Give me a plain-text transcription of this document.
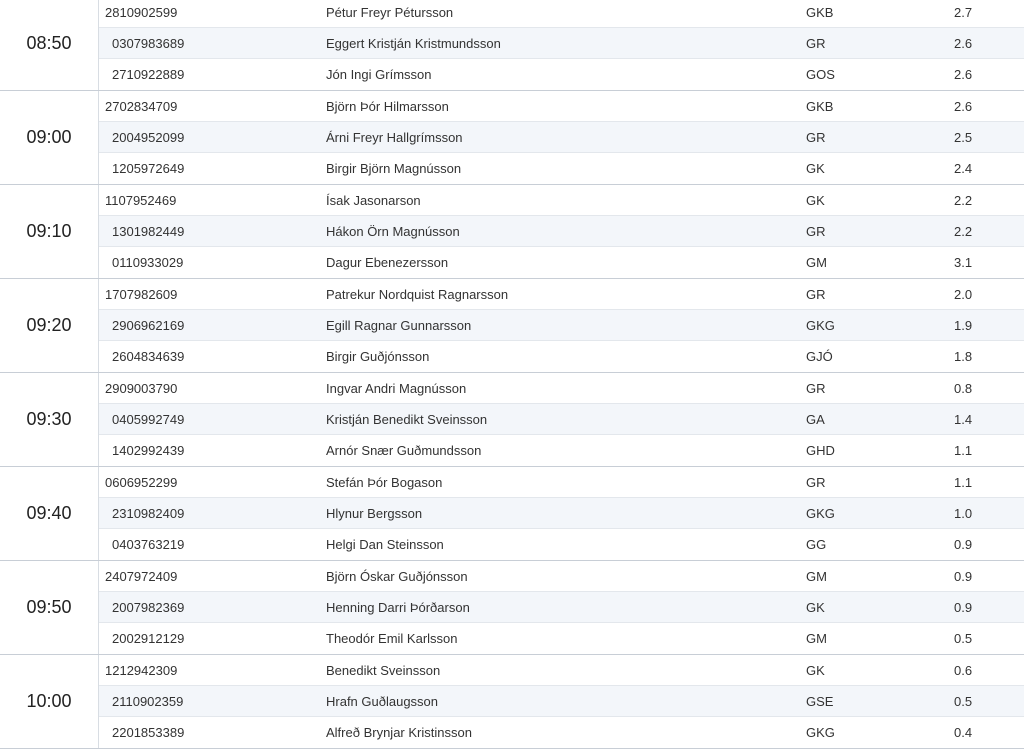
08:50
2810902599	Pétur Freyr Pétursson	GKB	2.7
0307983689	Eggert Kristján Kristmundsson	GR	2.6
2710922889	Jón Ingi Grímsson	GOS	2.6
09:00
2702834709	Björn Þór Hilmarsson	GKB	2.6
2004952099	Árni Freyr Hallgrímsson	GR	2.5
1205972649	Birgir Björn Magnússon	GK	2.4
09:10
1107952469	Ísak Jasonarson	GK	2.2
1301982449	Hákon Örn Magnússon	GR	2.2
0110933029	Dagur Ebenezersson	GM	3.1
09:20
1707982609	Patrekur Nordquist Ragnarsson	GR	2.0
2906962169	Egill Ragnar Gunnarsson	GKG	1.9
2604834639	Birgir Guðjónsson	GJÓ	1.8
09:30
2909003790	Ingvar Andri Magnússon	GR	0.8
0405992749	Kristján Benedikt Sveinsson	GA	1.4
1402992439	Arnór Snær Guðmundsson	GHD	1.1
09:40
0606952299	Stefán Þór Bogason	GR	1.1
2310982409	Hlynur Bergsson	GKG	1.0
0403763219	Helgi Dan Steinsson	GG	0.9
09:50
2407972409	Björn Óskar Guðjónsson	GM	0.9
2007982369	Henning Darri Þórðarson	GK	0.9
2002912129	Theodór Emil Karlsson	GM	0.5
10:00
1212942309	Benedikt Sveinsson	GK	0.6
2110902359	Hrafn Guðlaugsson	GSE	0.5
2201853389	Alfreð Brynjar Kristinsson	GKG	0.4
